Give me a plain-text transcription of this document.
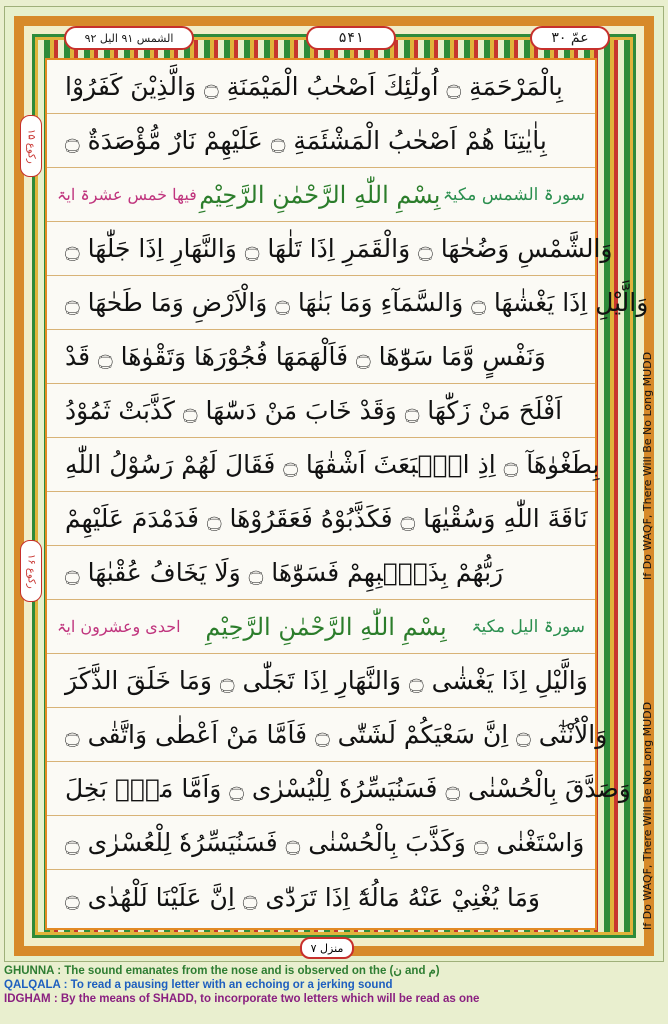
الشمس ٩١ الیل ٩٢	۵۴۱	عمّ ۳۰
بِالْمَرْحَمَةِ ۝ اُولٰٓئِكَ اَصْحٰبُ الْمَيْمَنَةِ ۝ وَالَّذِيْنَ كَفَرُوْا
بِاٰيٰتِنَا هُمْ اَصْحٰبُ الْمَشْئَمَةِ ۝ عَلَيْهِمْ نَارٌ مُّؤْصَدَةٌ ۝
سورۃ الشمس مکیۃ
بِسْمِ اللّٰهِ الرَّحْمٰنِ الرَّحِيْمِ
فیھا خمس عشرۃ ایۃ
وَالشَّمْسِ وَضُحٰهَا ۝ وَالْقَمَرِ اِذَا تَلٰهَا ۝ وَالنَّهَارِ اِذَا جَلّٰهَا ۝
وَالَّيْلِ اِذَا يَغْشٰهَا ۝ وَالسَّمَآءِ وَمَا بَنٰهَا ۝ وَالْاَرْضِ وَمَا طَحٰهَا ۝
وَنَفْسٍ وَّمَا سَوّٰهَا ۝ فَاَلْهَمَهَا فُجُوْرَهَا وَتَقْوٰهَا ۝ قَدْ
اَفْلَحَ مَنْ زَكّٰهَا ۝ وَقَدْ خَابَ مَنْ دَسّٰهَا ۝ كَذَّبَتْ ثَمُوْدُ
بِطَغْوٰهَآ ۝ اِذِ انْۢبَعَثَ اَشْقٰهَا ۝ فَقَالَ لَهُمْ رَسُوْلُ اللّٰهِ
نَاقَةَ اللّٰهِ وَسُقْيٰهَا ۝ فَكَذَّبُوْهُ فَعَقَرُوْهَا ۝ فَدَمْدَمَ عَلَيْهِمْ
رَبُّهُمْ بِذَنْۢبِهِمْ فَسَوّٰهَا ۝ وَلَا يَخَافُ عُقْبٰهَا ۝
سورۃ الیل مکیۃ
بِسْمِ اللّٰهِ الرَّحْمٰنِ الرَّحِيْمِ
احدی وعشرون ایۃ
وَالَّيْلِ اِذَا يَغْشٰى ۝ وَالنَّهَارِ اِذَا تَجَلّٰى ۝ وَمَا خَلَقَ الذَّكَرَ
وَالْاُنْثٰٓى ۝ اِنَّ سَعْيَكُمْ لَشَتّٰى ۝ فَاَمَّا مَنْ اَعْطٰى وَاتَّقٰى ۝
وَصَدَّقَ بِالْحُسْنٰى ۝ فَسَنُيَسِّرُهٗ لِلْيُسْرٰى ۝ وَاَمَّا مَنْۢ بَخِلَ
وَاسْتَغْنٰى ۝ وَكَذَّبَ بِالْحُسْنٰى ۝ فَسَنُيَسِّرُهٗ لِلْعُسْرٰى ۝
وَمَا يُغْنِيْ عَنْهُ مَالُهٗٓ اِذَا تَرَدّٰى ۝ اِنَّ عَلَيْنَا لَلْهُدٰى ۝
If Do WAQF, There Will Be No Long MUDD
If Do WAQF, There Will Be No Long MUDD
رکوع ۱۵
رکوع ۱۶
منزل ۷
GHUNNA : The sound emanates from the nose and is observed on the (ن and م)
QALQALA : To read a pausing letter with an echoing or a jerking sound
IDGHAM : By the means of SHADD, to incorporate two letters which will be read as one
